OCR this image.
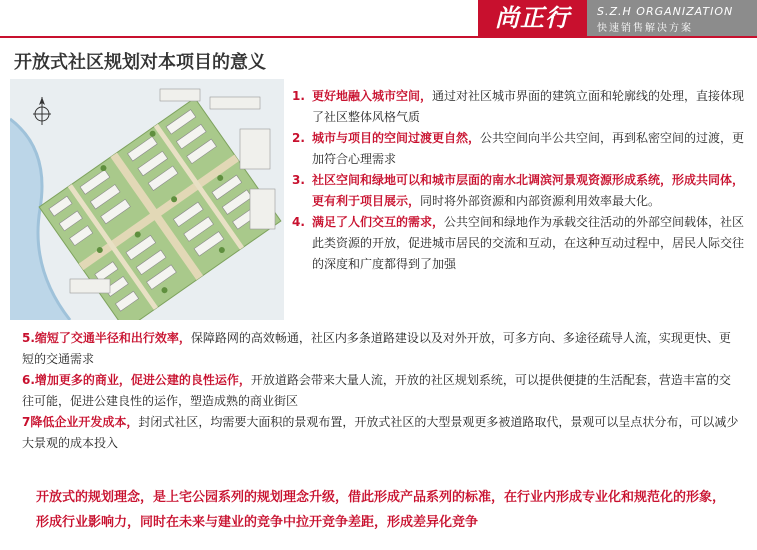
尚正行	S.Z.H ORGANIZATION
快速销售解决方案
开放式社区规划对本项目的意义
1. 更好地融入城市空间，通过对社区城市界面的建筑立面和轮廓线的处理，直接体现了社区整体风格气质
2. 城市与项目的空间过渡更自然，公共空间向半公共空间，再到私密空间的过渡，更加符合心理需求
3. 社区空间和绿地可以和城市层面的南水北调滨河景观资源形成系统，形成共同体，更有利于项目展示，同时将外部资源和内部资源利用效率最大化。
4. 满足了人们交互的需求，公共空间和绿地作为承载交往活动的外部空间载体，社区此类资源的开放，促进城市居民的交流和互动，在这种互动过程中，居民人际交往的深度和广度都得到了加强

5.缩短了交通半径和出行效率，保障路网的高效畅通，社区内多条道路建设以及对外开放，可多方向、多途径疏导人流，实现更快、更短的交通需求

6.增加更多的商业，促进公建的良性运作，开放道路会带来大量人流，开放的社区规划系统，可以提供便捷的生活配套，营造丰富的交往可能，促进公建良性的运作，塑造成熟的商业街区

7降低企业开发成本，封闭式社区，均需要大面积的景观布置，开放式社区的大型景观更多被道路取代，景观可以呈点状分布，可以减少大景观的成本投入

开放式的规划理念，是上宅公园系列的规划理念升级，借此形成产品系列的标准，在行业内形成专业化和规范化的形象，形成行业影响力，同时在未来与建业的竞争中拉开竞争差距，形成差异化竞争
